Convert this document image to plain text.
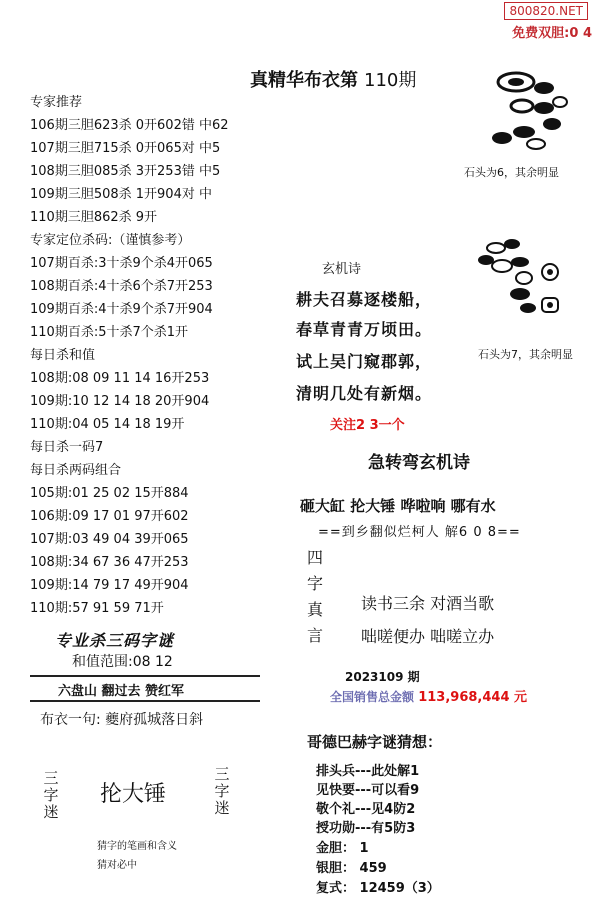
800820.NET
免费双胆:0 4
真精华布衣第 110期
专家推荐
106期三胆623杀 0开602错 中62
107期三胆715杀 0开065对 中5
108期三胆085杀 3开253错 中5
109期三胆508杀 1开904对 中
110期三胆862杀 9开
专家定位杀码:（谨慎参考）
107期百杀:3十杀9个杀4开065
108期百杀:4十杀6个杀7开253
109期百杀:4十杀9个杀7开904
110期百杀:5十杀7个杀1开
每日杀和值
108期:08 09 11 14 16开253
109期:10 12 14 18 20开904
110期:04 05 14 18 19开
每日杀一码7
每日杀两码组合
105期:01 25 02 15开884
106期:09 17 01 97开602
107期:03 49 04 39开065
108期:34 67 36 47开253
109期:14 79 17 49开904
110期:57 91 59 71开
专业杀三码字谜
和值范围:08 12
六盘山 翻过去 赞红军
布衣一句: 夔府孤城落日斜
三字迷
抡大锤
三字迷
猜字的笔画和含义
猜对必中
石头为6，其余明显
石头为7，其余明显
玄机诗
耕夫召募逐楼船，
春草青青万顷田。
试上吴门窥郡郭，
清明几处有新烟。
关注2 3一个
急转弯玄机诗
砸大缸 抡大锤 哗啦响 哪有水
==到乡翻似烂柯人 解6 0 8==
四
字
真
言
读书三余 对酒当歌
咄嗟便办 咄嗟立办
2023109 期
全国销售总金额 113,968,444 元
哥德巴赫字谜猜想：
排头兵---此处解1
见快要---可以看9
敬个礼---见4防2
授功勋---有5防3
金胆： 1
银胆： 459
复式： 12459（3）
